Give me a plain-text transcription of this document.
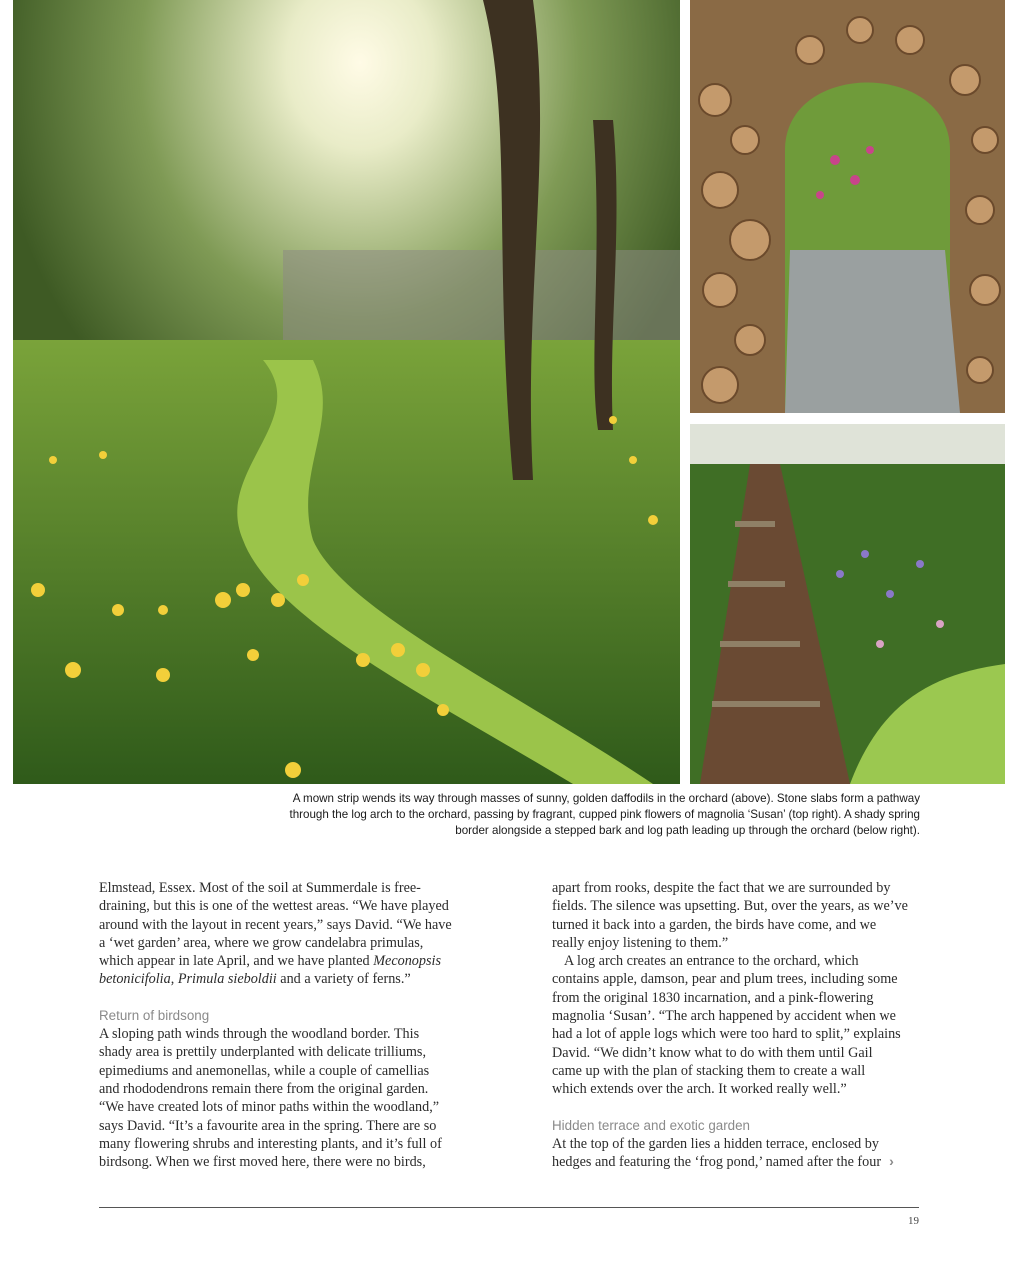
A mown strip wends its way through masses of sunny, golden daffodils in the orchard (above). Stone slabs form a pathway
through the log arch to the orchard, passing by fragrant, cupped pink flowers of magnolia ‘Susan’ (top right). A shady spring
border alongside a stepped bark and log path leading up through the orchard (below right).
Elmstead, Essex. Most of the soil at Summerdale is free-
draining, but this is one of the wettest areas. “We have played
around with the layout in recent years,” says David. “We have
a ‘wet garden’ area, where we grow candelabra primulas,
which appear in late April, and we have planted Meconopsis
betonicifolia, Primula sieboldii and a variety of ferns.”
Return of birdsong
A sloping path winds through the woodland border. This
shady area is prettily underplanted with delicate trilliums,
epimediums and anemonellas, while a couple of camellias
and rhododendrons remain there from the original garden.
“We have created lots of minor paths within the woodland,”
says David. “It’s a favourite area in the spring. There are so
many flowering shrubs and interesting plants, and it’s full of
birdsong. When we first moved here, there were no birds,
apart from rooks, despite the fact that we are surrounded by
fields. The silence was upsetting. But, over the years, as we’ve
turned it back into a garden, the birds have come, and we
really enjoy listening to them.”
A log arch creates an entrance to the orchard, which
contains apple, damson, pear and plum trees, including some
from the original 1830 incarnation, and a pink-flowering
magnolia ‘Susan’. “The arch happened by accident when we
had a lot of apple logs which were too hard to split,” explains
David. “We didn’t know what to do with them until Gail
came up with the plan of stacking them to create a wall
which extends over the arch. It worked really well.”
Hidden terrace and exotic garden
At the top of the garden lies a hidden terrace, enclosed by
hedges and featuring the ‘frog pond,’ named after the four ›
19
